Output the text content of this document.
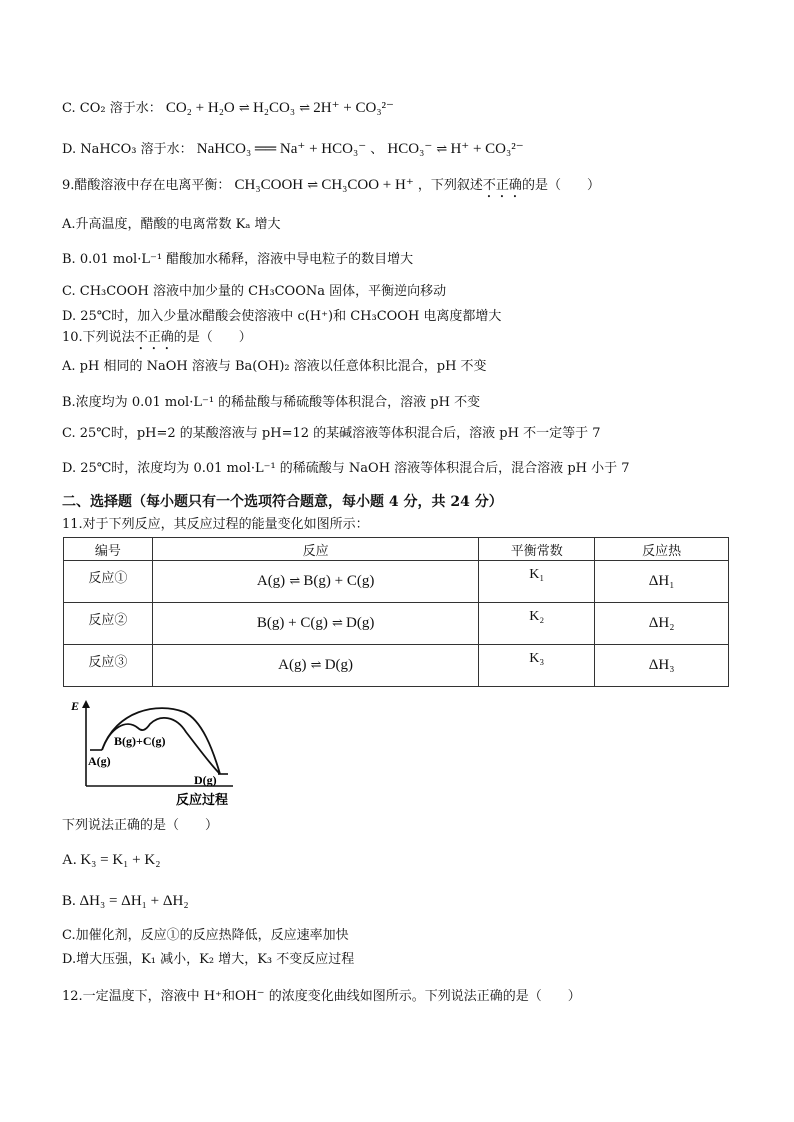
C. CO₂ 溶于水： CO₂ + H₂O ⇌ H₂CO₃ ⇌ 2H⁺ + CO₃²⁻
D. NaHCO₃ 溶于水： NaHCO₃ ══ Na⁺ + HCO₃⁻ 、 HCO₃⁻ ⇌ H⁺ + CO₃²⁻
9.醋酸溶液中存在电离平衡： CH₃COOH ⇌ CH₃COO + H⁺ ，下列叙述不正确的是（　　）
A.升高温度，醋酸的电离常数 Kₐ 增大
B. 0.01 mol·L⁻¹ 醋酸加水稀释，溶液中导电粒子的数目增大
C. CH₃COOH 溶液中加少量的 CH₃COONa 固体，平衡逆向移动
D. 25℃时，加入少量冰醋酸会使溶液中 c(H⁺)和 CH₃COOH 电离度都增大
10.下列说法不正确的是（　　）
A. pH 相同的 NaOH 溶液与 Ba(OH)₂ 溶液以任意体积比混合，pH 不变
B.浓度均为 0.01 mol·L⁻¹ 的稀盐酸与稀硫酸等体积混合，溶液 pH 不变
C. 25℃时，pH=2 的某酸溶液与 pH=12 的某碱溶液等体积混合后，溶液 pH 不一定等于 7
D. 25℃时，浓度均为 0.01 mol·L⁻¹ 的稀硫酸与 NaOH 溶液等体积混合后，混合溶液 pH 小于 7
二、选择题（每小题只有一个选项符合题意，每小题 4 分，共 24 分）
11.对于下列反应，其反应过程的能量变化如图所示：
编号	反应	平衡常数	反应热

反应①	A(g) ⇌ B(g) + C(g)	K₁	ΔH₁

反应②	B(g) + C(g) ⇌ D(g)	K₂	ΔH₂

反应③	A(g) ⇌ D(g)	K₃	ΔH₃
E
B(g)+C(g)
A(g)
D(g)
反应过程
下列说法正确的是（　　）
A. K₃ = K₁ + K₂
B. ΔH₃ = ΔH₁ + ΔH₂
C.加催化剂，反应①的反应热降低，反应速率加快
D.增大压强，K₁ 减小，K₂ 增大，K₃ 不变反应过程
12.一定温度下，溶液中 H⁺和OH⁻ 的浓度变化曲线如图所示。下列说法正确的是（　　）
